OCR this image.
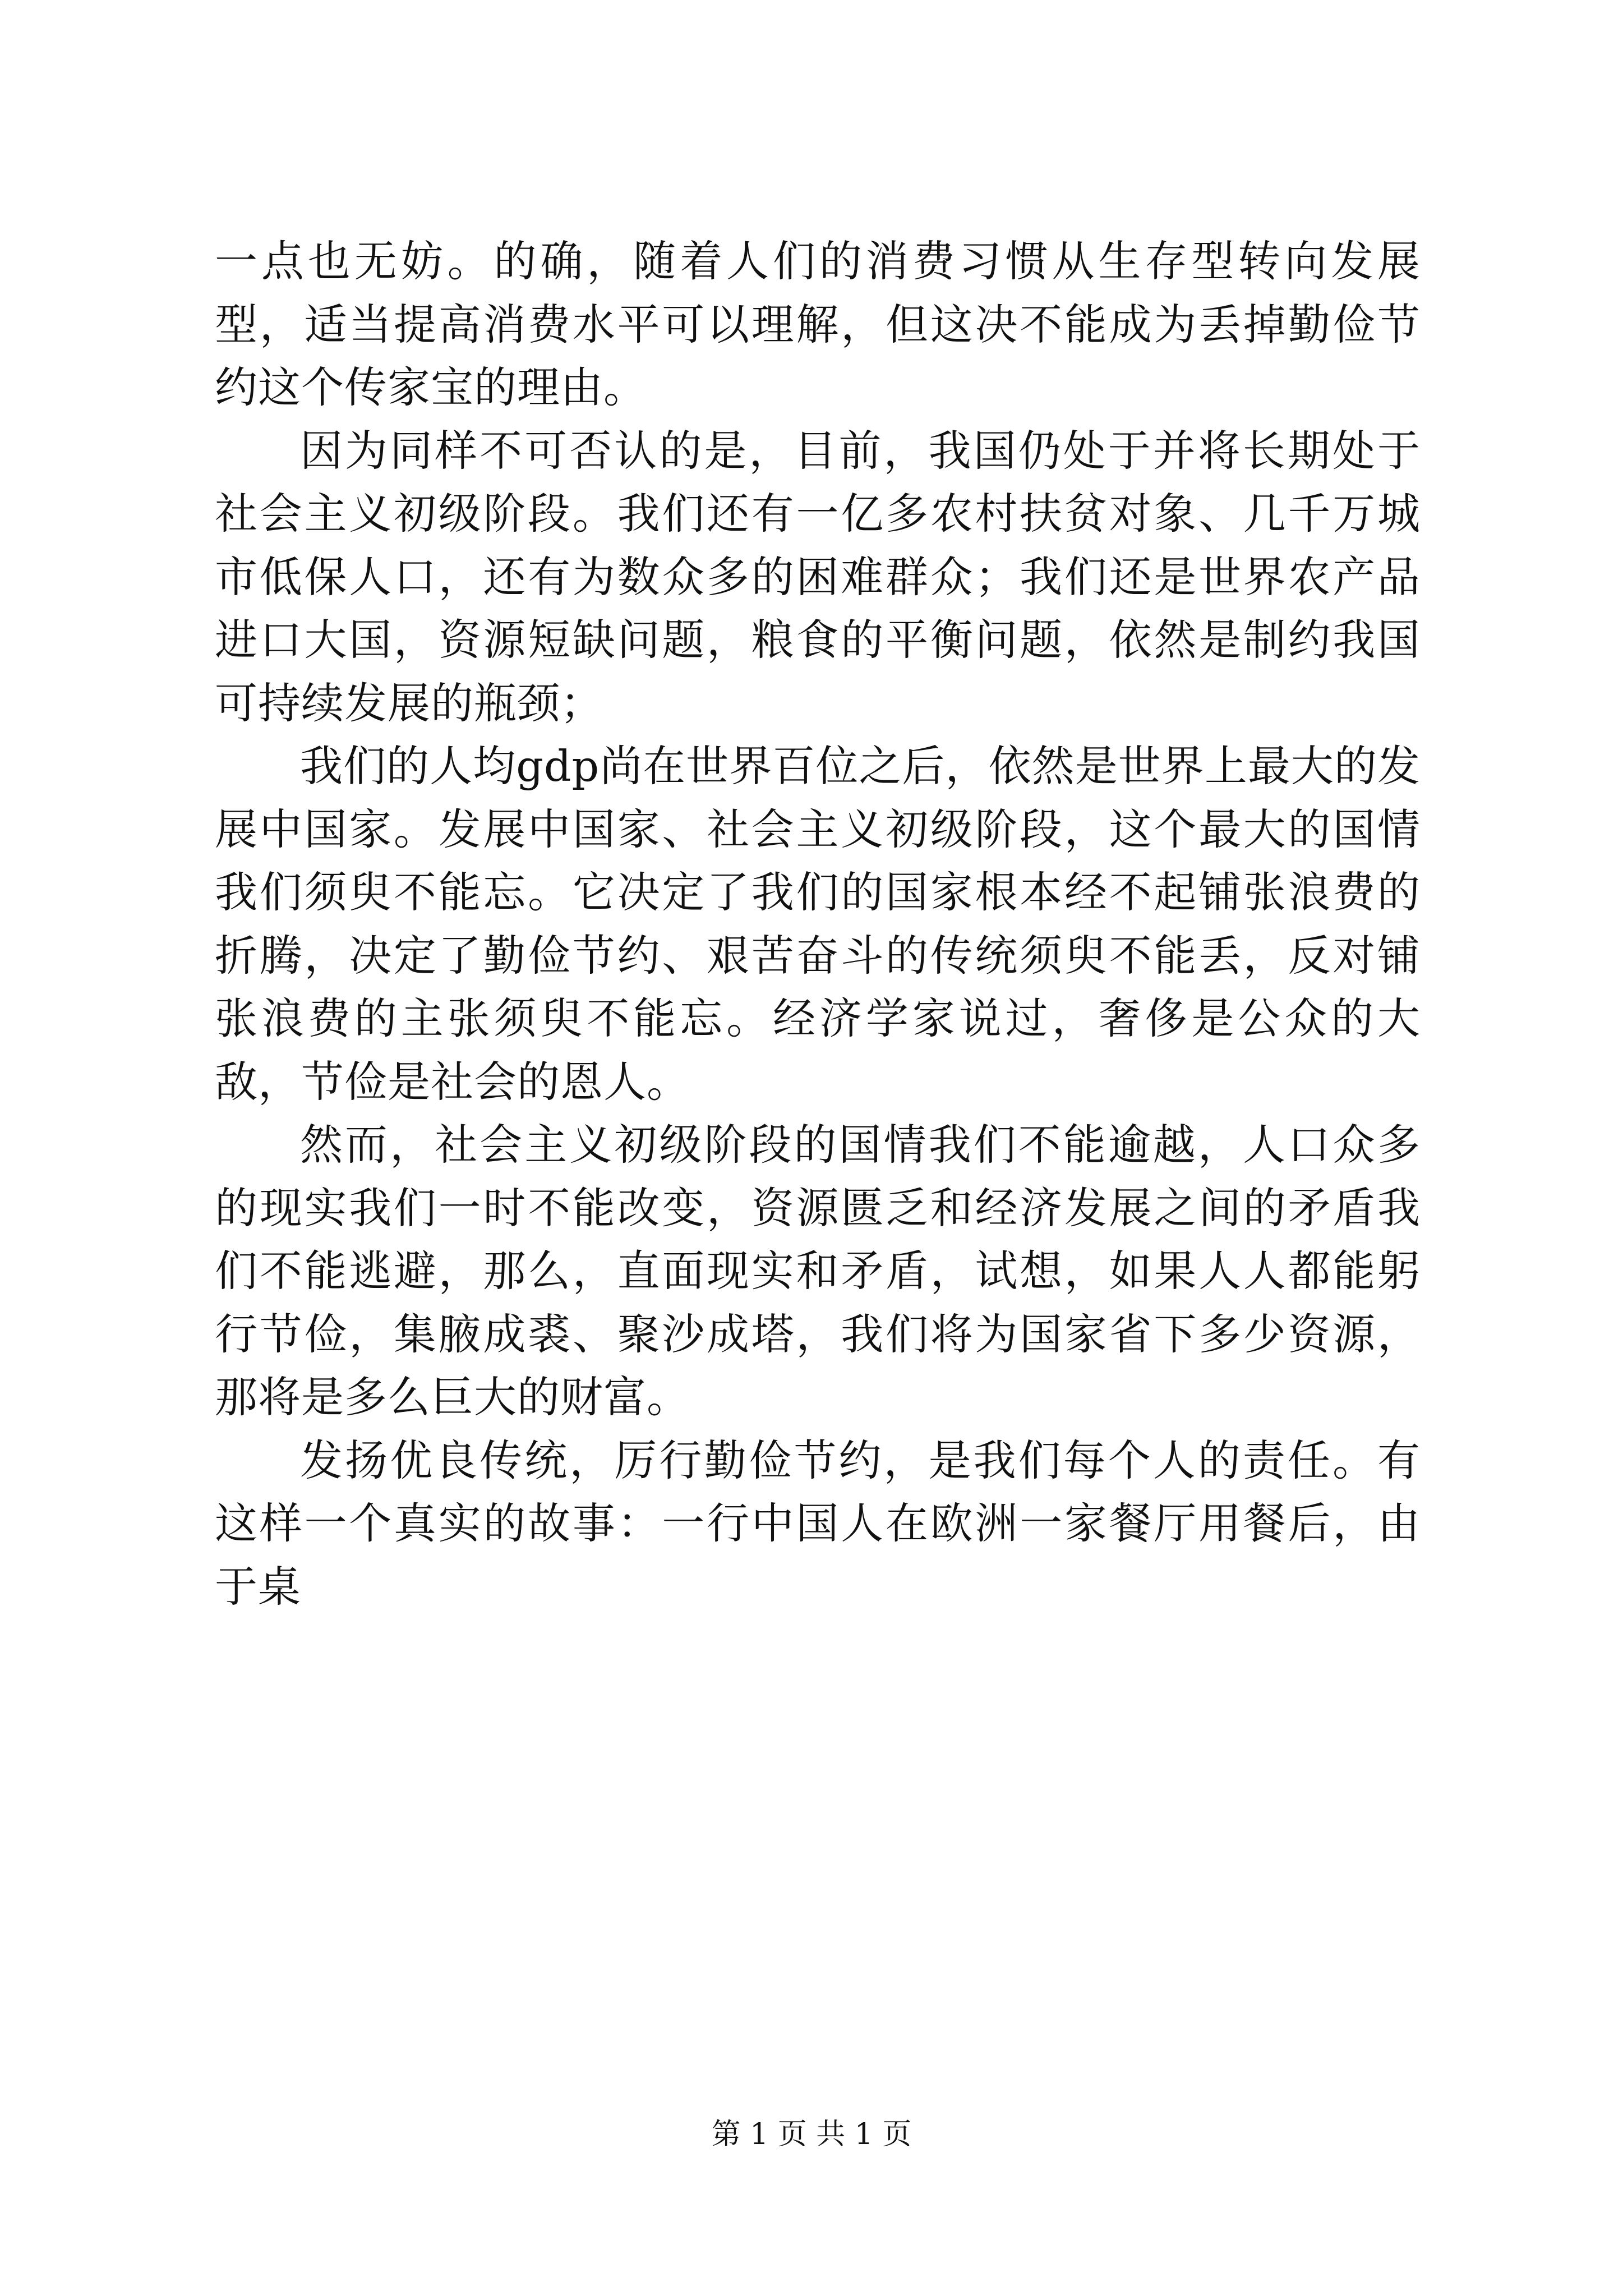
一点也无妨。的确，随着人们的消费习惯从生存型转向发展型，适当提高消费水平可以理解，但这决不能成为丢掉勤俭节约这个传家宝的理由。

因为同样不可否认的是，目前，我国仍处于并将长期处于社会主义初级阶段。我们还有一亿多农村扶贫对象、几千万城市低保人口，还有为数众多的困难群众；我们还是世界农产品进口大国，资源短缺问题，粮食的平衡问题，依然是制约我国可持续发展的瓶颈；

我们的人均gdp尚在世界百位之后，依然是世界上最大的发展中国家。发展中国家、社会主义初级阶段，这个最大的国情我们须臾不能忘。它决定了我们的国家根本经不起铺张浪费的折腾，决定了勤俭节约、艰苦奋斗的传统须臾不能丢，反对铺张浪费的主张须臾不能忘。经济学家说过，奢侈是公众的大敌，节俭是社会的恩人。

然而，社会主义初级阶段的国情我们不能逾越，人口众多的现实我们一时不能改变，资源匮乏和经济发展之间的矛盾我们不能逃避，那么，直面现实和矛盾，试想，如果人人都能躬行节俭，集腋成裘、聚沙成塔，我们将为国家省下多少资源，那将是多么巨大的财富。

发扬优良传统，厉行勤俭节约，是我们每个人的责任。有这样一个真实的故事：一行中国人在欧洲一家餐厅用餐后，由于桌

第 1 页 共 1 页
